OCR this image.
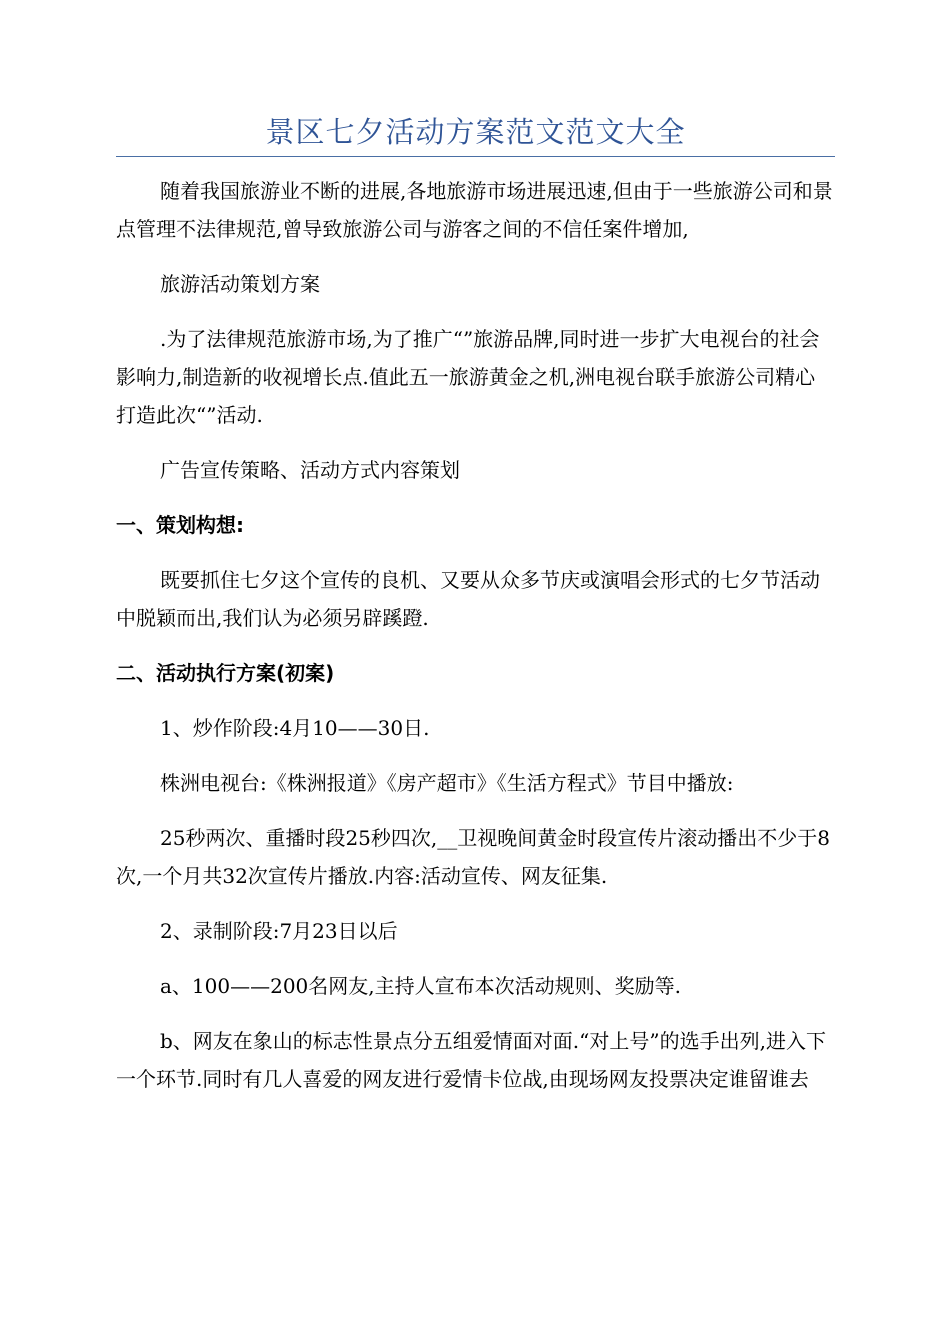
景区七夕活动方案范文范文大全

随着我国旅游业不断的进展,各地旅游市场进展迅速,但由于一些旅游公司和景点管理不法律规范,曾导致旅游公司与游客之间的不信任案件增加,

旅游活动策划方案

.为了法律规范旅游市场,为了推广“”旅游品牌,同时进一步扩大电视台的社会影响力,制造新的收视增长点.值此五一旅游黄金之机,洲电视台联手旅游公司精心打造此次“”活动.

广告宣传策略、活动方式内容策划

一、策划构想:

既要抓住七夕这个宣传的良机、又要从众多节庆或演唱会形式的七夕节活动中脱颖而出,我们认为必须另辟蹊蹬.

二、活动执行方案(初案)

1、炒作阶段:4月10——30日.

株洲电视台:《株洲报道》《房产超市》《生活方程式》节目中播放:

25秒两次、重播时段25秒四次,__卫视晚间黄金时段宣传片滚动播出不少于8次,一个月共32次宣传片播放.内容:活动宣传、网友征集.

2、录制阶段:7月23日以后

a、100——200名网友,主持人宣布本次活动规则、奖励等.

b、网友在象山的标志性景点分五组爱情面对面.“对上号”的选手出列,进入下一个环节.同时有几人喜爱的网友进行爱情卡位战,由现场网友投票决定谁留谁去
